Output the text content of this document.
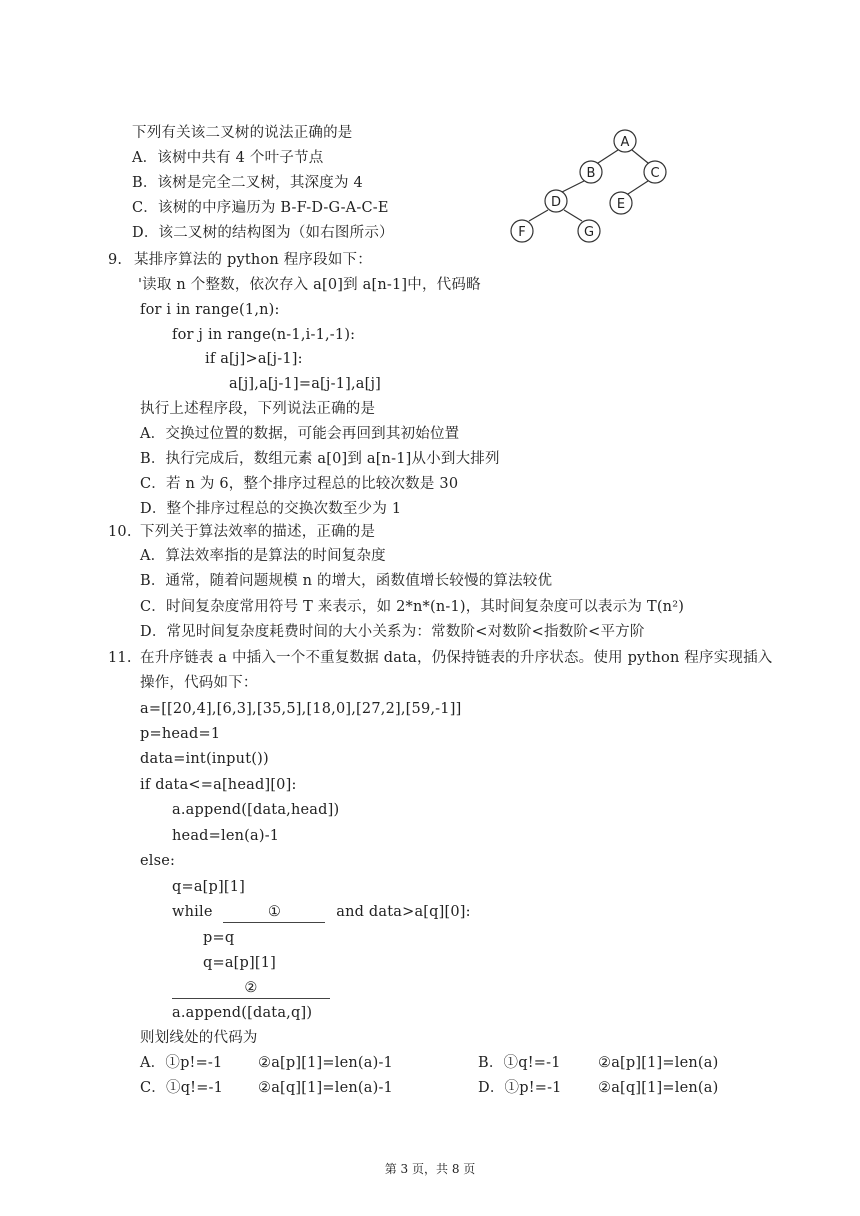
下列有关该二叉树的说法正确的是
A．该树中共有 4 个叶子节点
B．该树是完全二叉树，其深度为 4
C．该树的中序遍历为 B-F-D-G-A-C-E
D．该二叉树的结构图为（如右图所示）
A
B	C
D	E
F	G
9. 某排序算法的 python 程序段如下：
'读取 n 个整数，依次存入 a[0]到 a[n-1]中，代码略
for i in range(1,n):
for j in range(n-1,i-1,-1):
if a[j]>a[j-1]:
a[j],a[j-1]=a[j-1],a[j]
执行上述程序段，下列说法正确的是
A．交换过位置的数据，可能会再回到其初始位置
B．执行完成后，数组元素 a[0]到 a[n-1]从小到大排列
C．若 n 为 6，整个排序过程总的比较次数是 30
D．整个排序过程总的交换次数至少为 1
10. 下列关于算法效率的描述，正确的是
A．算法效率指的是算法的时间复杂度
B．通常，随着问题规模 n 的增大，函数值增长较慢的算法较优
C．时间复杂度常用符号 T 来表示，如 2*n*(n-1)，其时间复杂度可以表示为 T(n²)
D．常见时间复杂度耗费时间的大小关系为：常数阶<对数阶<指数阶<平方阶
11. 在升序链表 a 中插入一个不重复数据 data，仍保持链表的升序状态。使用 python 程序实现插入
操作，代码如下：
a=[[20,4],[6,3],[35,5],[18,0],[27,2],[59,-1]]
p=head=1
data=int(input())
if data<=a[head][0]:
a.append([data,head])
head=len(a)-1
else:
q=a[p][1]
while	①	and data>a[q][0]:
p=q
q=a[p][1]
②
a.append([data,q])
则划线处的代码为
A．①p!=-1 ②a[p][1]=len(a)-1	B．①q!=-1	②a[p][1]=len(a)
C．①q!=-1 ②a[q][1]=len(a)-1	D．①p!=-1	②a[q][1]=len(a)
第 3 页，共 8 页
